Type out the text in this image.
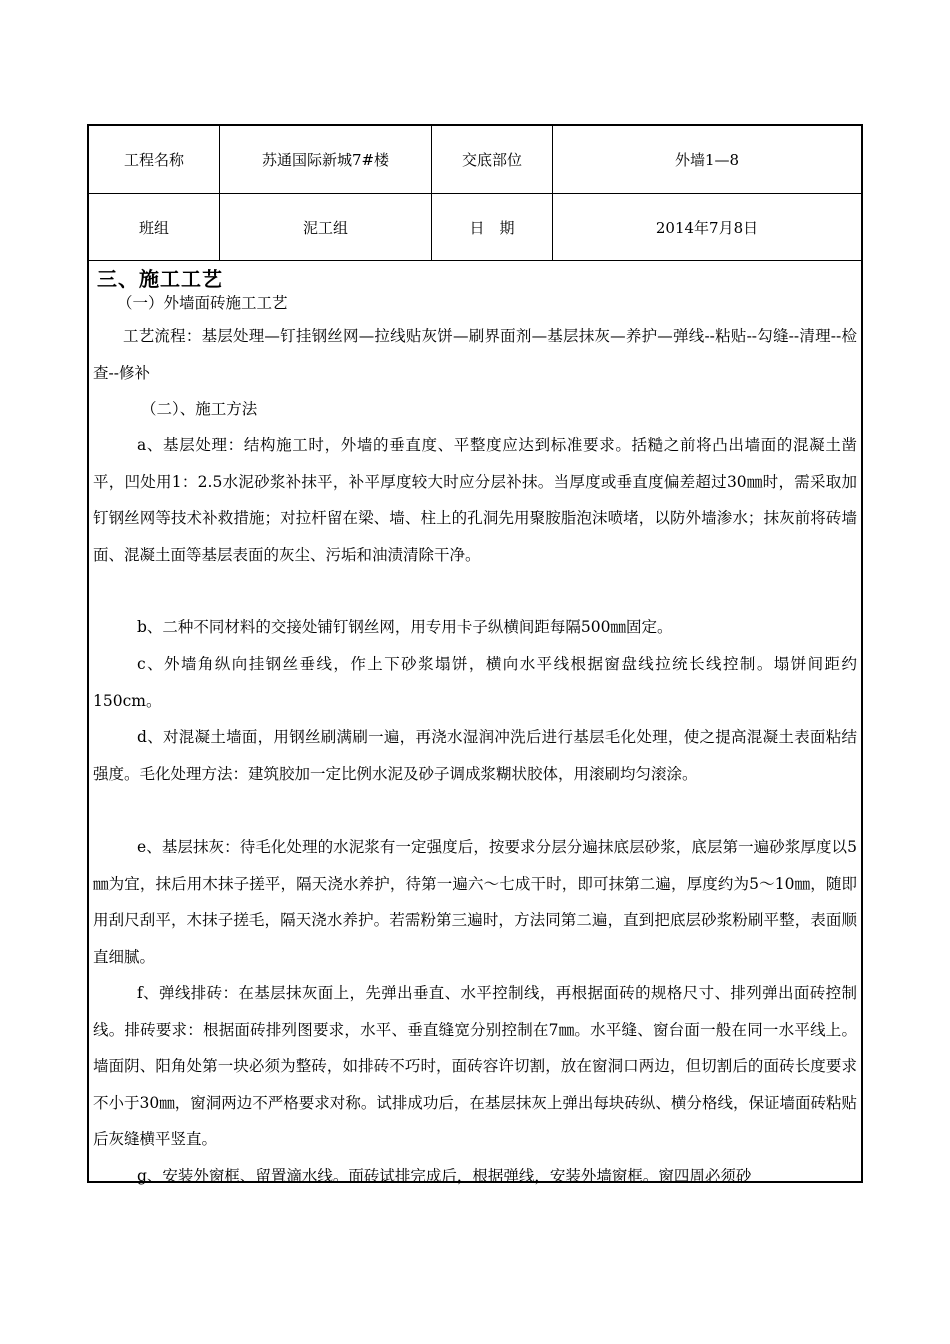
工程名称	苏通国际新城7#楼	交底部位	外墙1—8
班组	泥工组	日　期	2014年7月8日
三、施工工艺
（一）外墙面砖施工工艺

工艺流程：基层处理—钉挂钢丝网—拉线贴灰饼—刷界面剂—基层抹灰—养护—弹线--粘贴--勾缝--清理--检查--修补

（二）、施工方法

a、基层处理：结构施工时，外墙的垂直度、平整度应达到标准要求。括糙之前将凸出墙面的混凝土凿平，凹处用1：2.5水泥砂浆补抹平，补平厚度较大时应分层补抹。当厚度或垂直度偏差超过30㎜时，需采取加钉钢丝网等技术补救措施；对拉杆留在梁、墙、柱上的孔洞先用聚胺脂泡沫喷堵，以防外墙渗水；抹灰前将砖墙面、混凝土面等基层表面的灰尘、污垢和油渍清除干净。

b、二种不同材料的交接处铺钉钢丝网，用专用卡子纵横间距每隔500㎜固定。

c、外墙角纵向挂钢丝垂线，作上下砂浆塌饼，横向水平线根据窗盘线拉统长线控制。塌饼间距约150cm。

d、对混凝土墙面，用钢丝刷满刷一遍，再浇水湿润冲洗后进行基层毛化处理，使之提高混凝土表面粘结强度。毛化处理方法：建筑胶加一定比例水泥及砂子调成浆糊状胶体，用滚刷均匀滚涂。

e、基层抹灰：待毛化处理的水泥浆有一定强度后，按要求分层分遍抹底层砂浆，底层第一遍砂浆厚度以5㎜为宜，抹后用木抹子搓平，隔天浇水养护，待第一遍六～七成干时，即可抹第二遍，厚度约为5～10㎜，随即用刮尺刮平，木抹子搓毛，隔天浇水养护。若需粉第三遍时，方法同第二遍，直到把底层砂浆粉刷平整，表面顺直细腻。

f、弹线排砖：在基层抹灰面上，先弹出垂直、水平控制线，再根据面砖的规格尺寸、排列弹出面砖控制线。排砖要求：根据面砖排列图要求，水平、垂直缝宽分别控制在7㎜。水平缝、窗台面一般在同一水平线上。墙面阴、阳角处第一块必须为整砖，如排砖不巧时，面砖容许切割，放在窗洞口两边，但切割后的面砖长度要求不小于30㎜，窗洞两边不严格要求对称。试排成功后，在基层抹灰上弹出每块砖纵、横分格线，保证墙面砖粘贴后灰缝横平竖直。

g、安装外窗框、留置滴水线。面砖试排完成后，根据弹线，安装外墙窗框。窗四周必须砂
